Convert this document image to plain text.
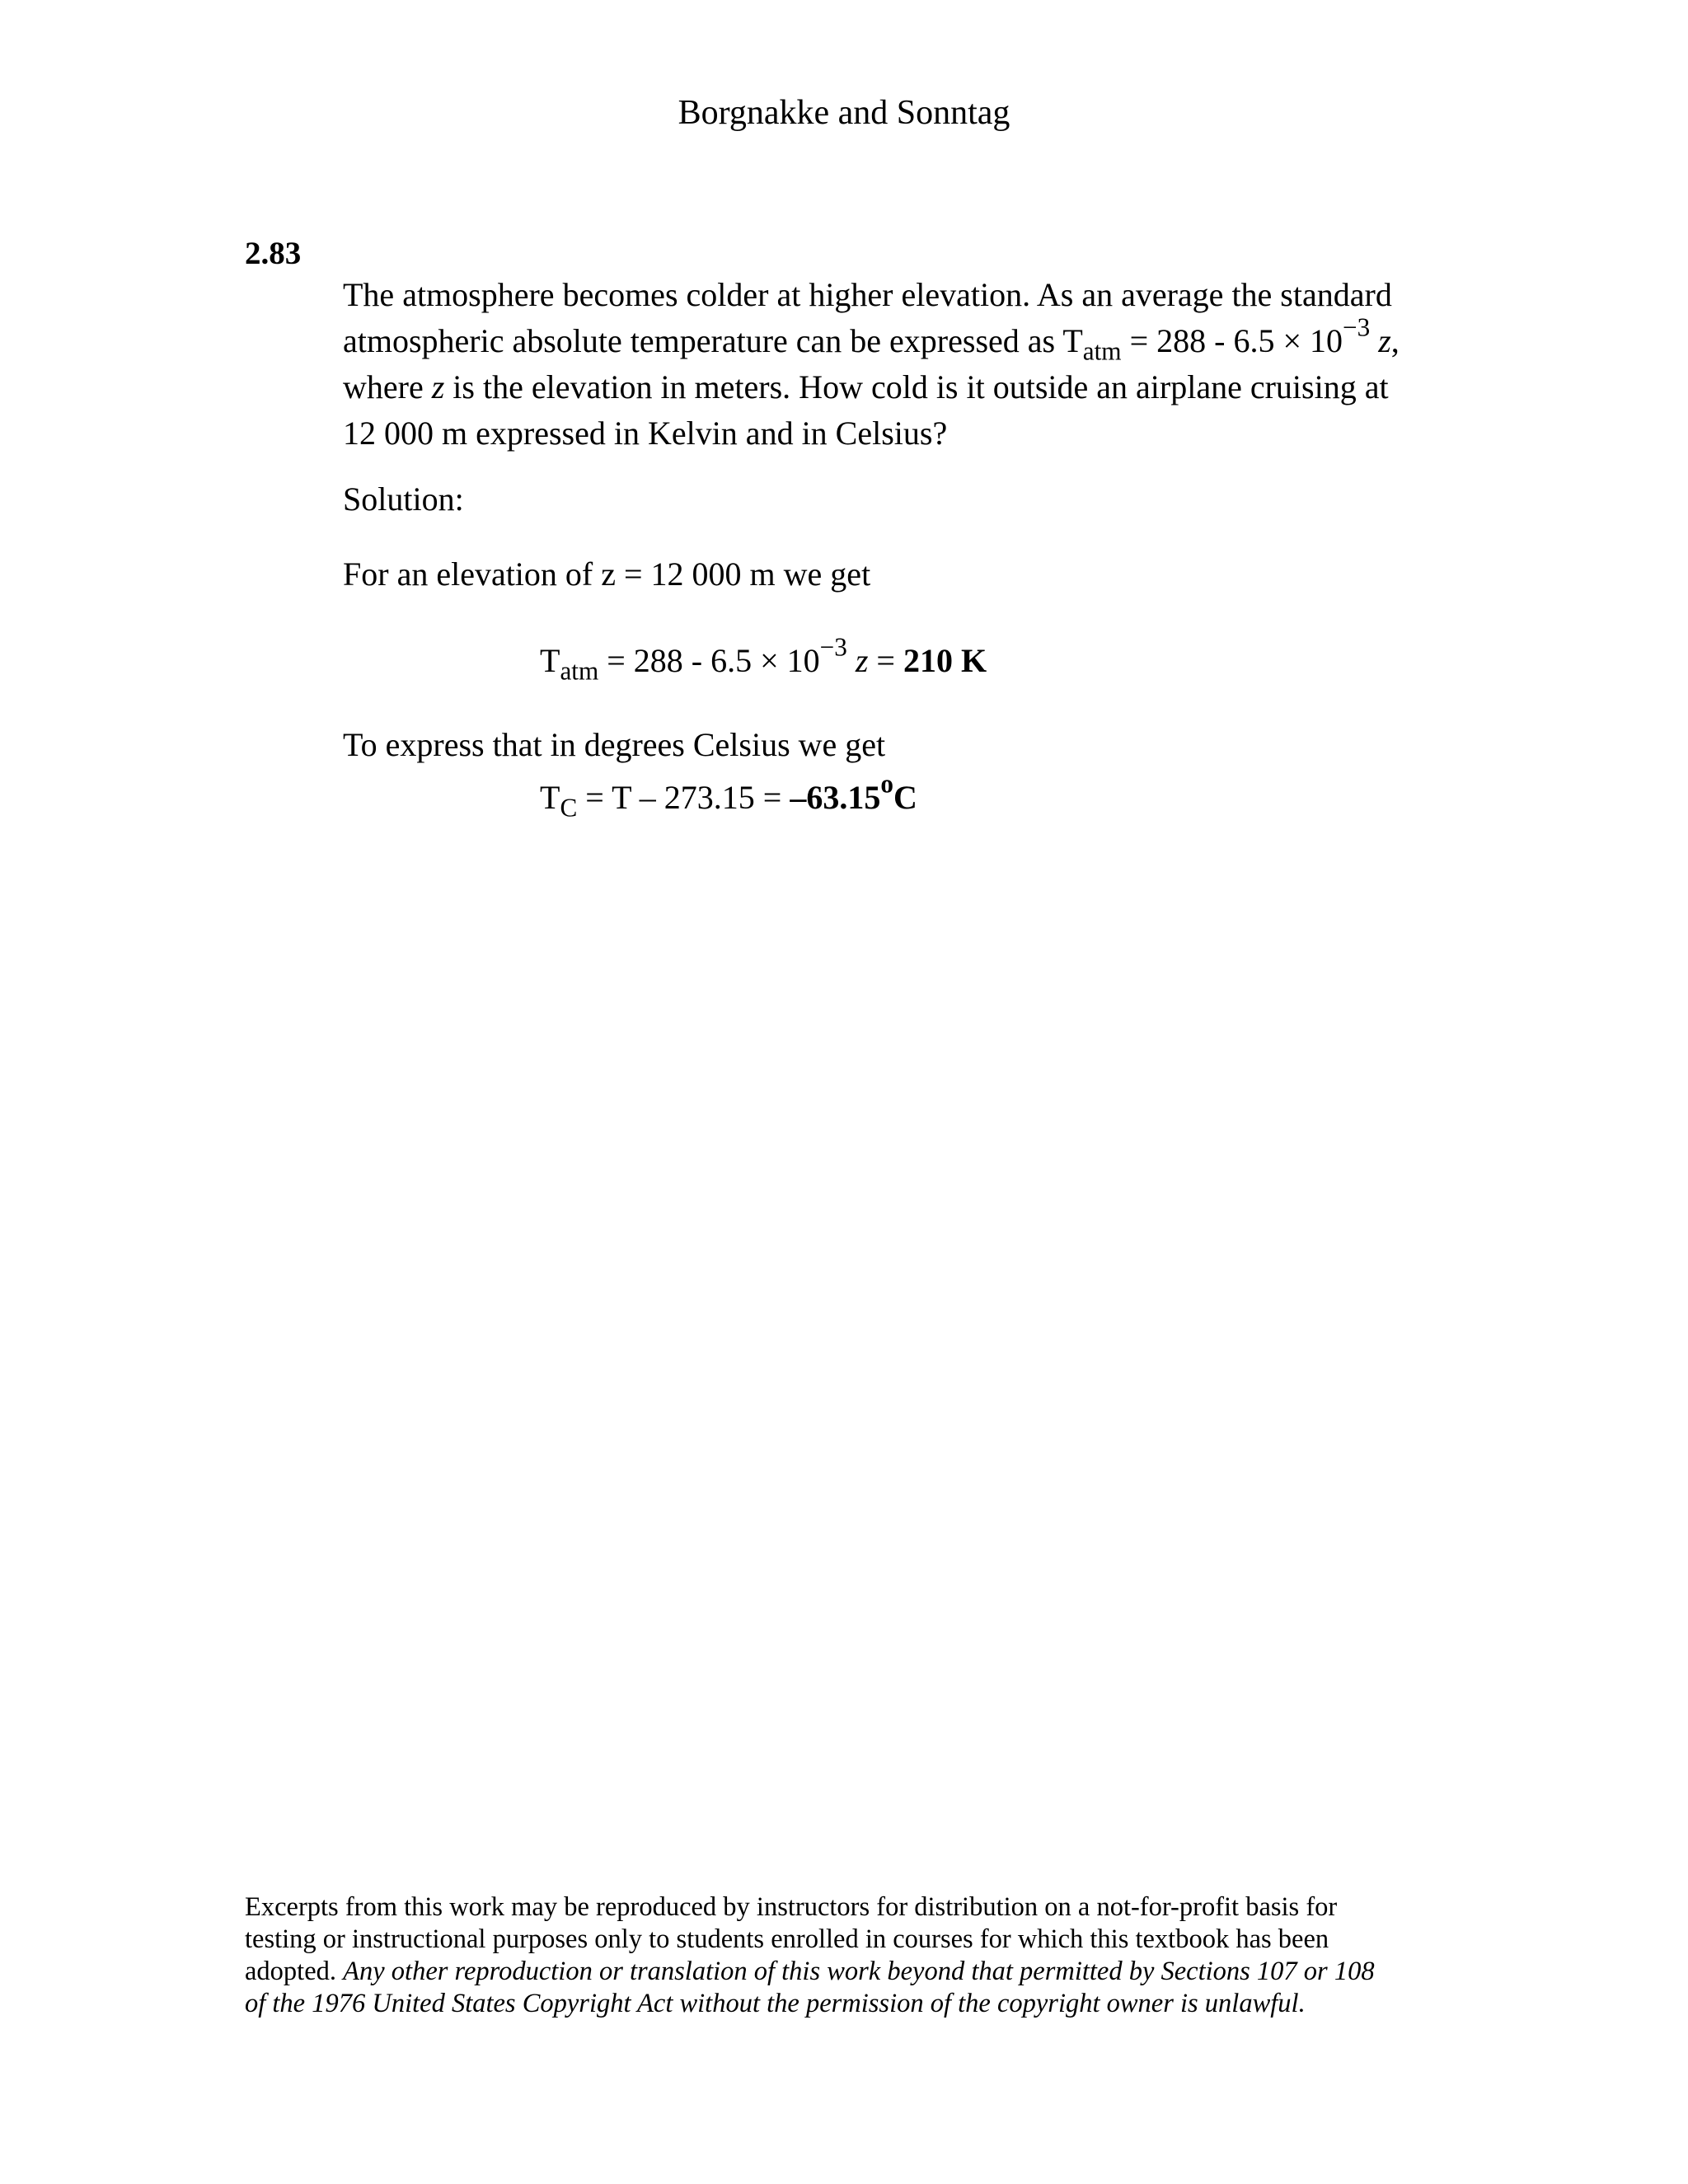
Borgnakke and Sonntag
2.83
The atmosphere becomes colder at higher elevation. As an average the standard
atmospheric absolute temperature can be expressed as $T_{atm} = 288 - 6.5 \times 10^{-3}$ z,
where z is the elevation in meters. How cold is it outside an airplane cruising at
12 000 m expressed in Kelvin and in Celsius?
Solution:
For an elevation of z = 12 000 m we get
$T_{atm} = 288 - 6.5 \times 10^{-3}$ z = 210 K
To express that in degrees Celsius we get
$T_C = T - 273.15 = -63.15^oC$
Excerpts from this work may be reproduced by instructors for distribution on a not-for-profit basis for
testing or instructional purposes only to students enrolled in courses for which this textbook has been
adopted. Any other reproduction or translation of this work beyond that permitted by Sections 107 or 108
of the 1976 United States Copyright Act without the permission of the copyright owner is unlawful.
